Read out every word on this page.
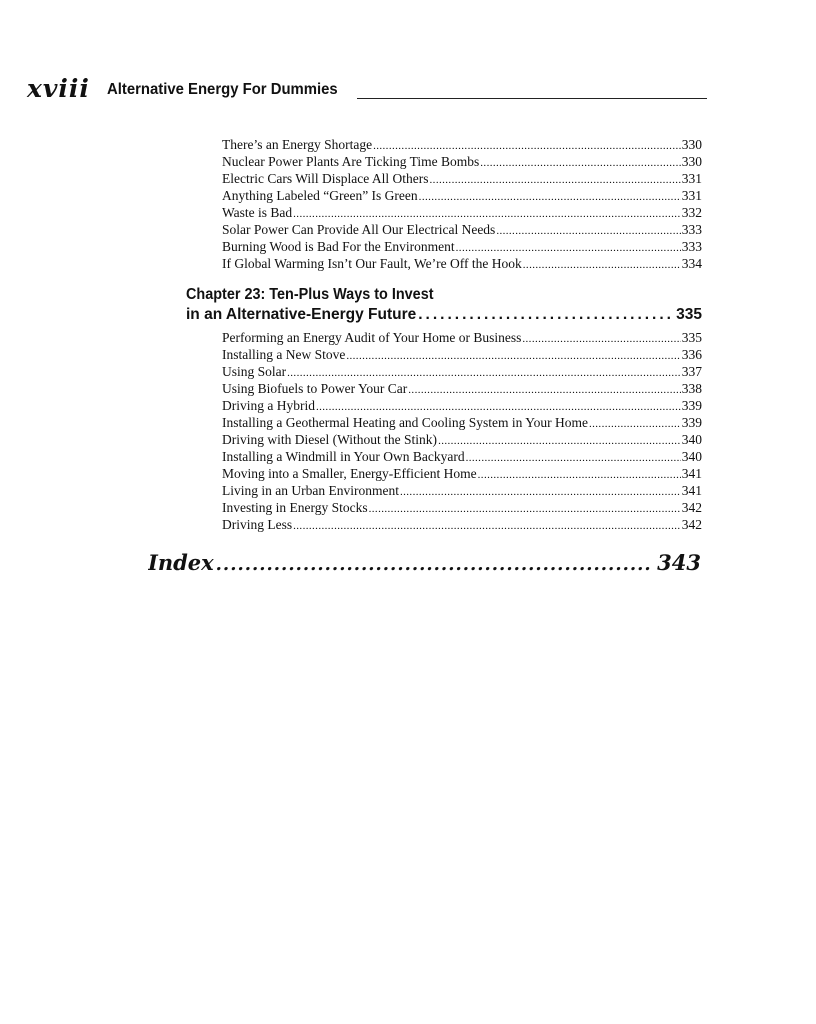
xviii Alternative Energy For Dummies
There’s an Energy Shortage .....	330
Nuclear Power Plants Are Ticking Time Bombs .....	330
Electric Cars Will Displace All Others .....	331
Anything Labeled “Green” Is Green .....	331
Waste is Bad .....	332
Solar Power Can Provide All Our Electrical Needs .....	333
Burning Wood is Bad For the Environment .....	333
If Global Warming Isn’t Our Fault, We’re Off the Hook .....	334
Chapter 23: Ten-Plus Ways to Invest
in an Alternative-Energy Future .....	335
Performing an Energy Audit of Your Home or Business .....	335
Installing a New Stove .....	336
Using Solar .....	337
Using Biofuels to Power Your Car .....	338
Driving a Hybrid .....	339
Installing a Geothermal Heating and Cooling System in Your Home .....	339
Driving with Diesel (Without the Stink) .....	340
Installing a Windmill in Your Own Backyard .....	340
Moving into a Smaller, Energy-Efficient Home .....	341
Living in an Urban Environment .....	341
Investing in Energy Stocks .....	342
Driving Less .....	342
Index .....	343
